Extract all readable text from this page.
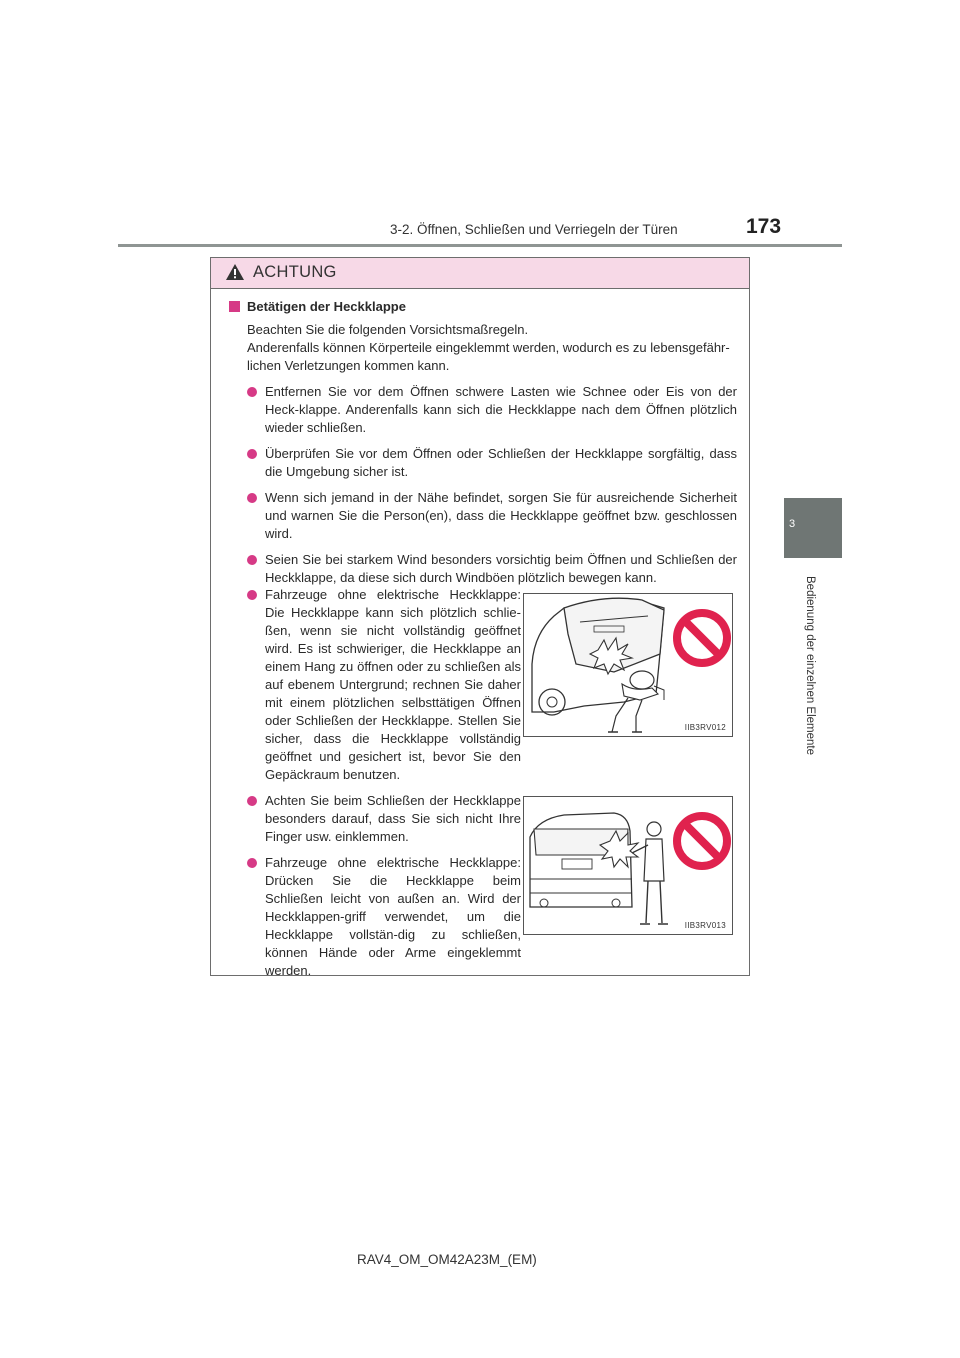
3-2. Öffnen, Schließen und Verriegeln der Türen	173
3
Bedienung der einzelnen Elemente
ACHTUNG
Betätigen der Heckklappe
Beachten Sie die folgenden Vorsichtsmaßregeln.
Anderenfalls können Körperteile eingeklemmt werden, wodurch es zu lebensgefähr-lichen Verletzungen kommen kann.
Entfernen Sie vor dem Öffnen schwere Lasten wie Schnee oder Eis von der Heck-klappe. Anderenfalls kann sich die Heckklappe nach dem Öffnen plötzlich wieder schließen.
Überprüfen Sie vor dem Öffnen oder Schließen der Heckklappe sorgfältig, dass die Umgebung sicher ist.
Wenn sich jemand in der Nähe befindet, sorgen Sie für ausreichende Sicherheit und warnen Sie die Person(en), dass die Heckklappe geöffnet bzw. geschlossen wird.
Seien Sie bei starkem Wind besonders vorsichtig beim Öffnen und Schließen der Heckklappe, da diese sich durch Windböen plötzlich bewegen kann.
Fahrzeuge ohne elektrische Heckklappe: Die Heckklappe kann sich plötzlich schlie-ßen, wenn sie nicht vollständig geöffnet wird. Es ist schwieriger, die Heckklappe an einem Hang zu öffnen oder zu schließen als auf ebenem Untergrund; rechnen Sie daher mit einem plötzlichen selbsttätigen Öffnen oder Schließen der Heckklappe. Stellen Sie sicher, dass die Heckklappe vollständig geöffnet und gesichert ist, bevor Sie den Gepäckraum benutzen.
IIB3RV012
Achten Sie beim Schließen der Heckklappe besonders darauf, dass Sie sich nicht Ihre Finger usw. einklemmen.
Fahrzeuge ohne elektrische Heckklappe: Drücken Sie die Heckklappe beim Schließen leicht von außen an. Wird der Heckklappen-griff verwendet, um die Heckklappe vollstän-dig zu schließen, können Hände oder Arme eingeklemmt werden.
IIB3RV013
RAV4_OM_OM42A23M_(EM)
